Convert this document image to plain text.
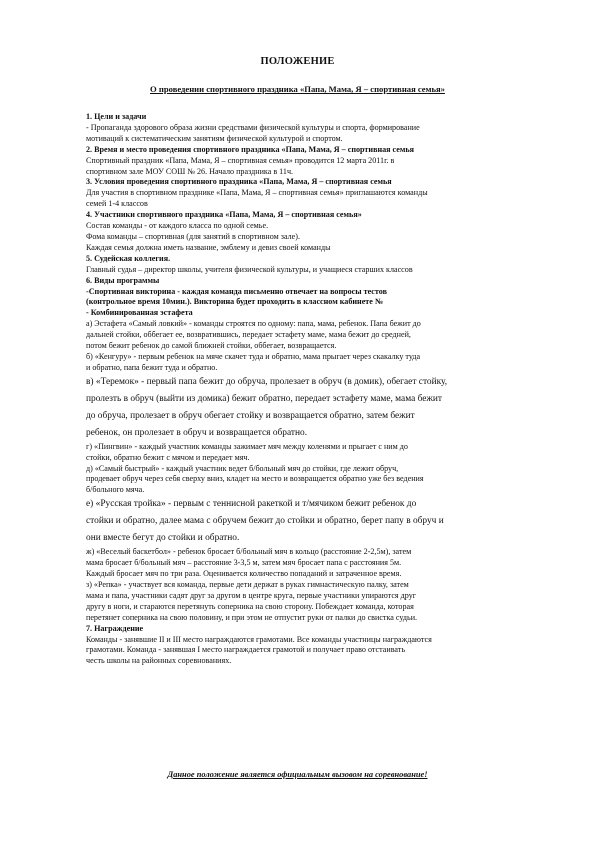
ПОЛОЖЕНИЕ
О проведении спортивного праздника «Папа, Мама, Я – спортивная семья»
1. Цели и задачи
- Пропаганда здорового образа жизни средствами физической культуры и спорта, формирование
мотиваций к систематическим занятиям физической культурой и спортом.
2. Время и место проведения спортивного праздника «Папа, Мама, Я – спортивная семья
Спортивный праздник «Папа, Мама, Я – спортивная семья» проводится 12 марта 2011г. в
спортивном зале МОУ СОШ № 26. Начало праздника в 11ч.
3. Условия проведения спортивного праздника «Папа, Мама, Я – спортивная семья
Для участия в спортивном празднике «Папа, Мама, Я – спортивная семья» приглашаются команды
семей 1-4 классов
4. Участники спортивного праздника «Папа, Мама, Я – спортивная семья»
Состав команды - от каждого класса по одной семье.
Фома команды – спортивная (для занятий в спортивном зале).
Каждая семья должна иметь название, эмблему и девиз своей команды
5. Судейская коллегия.
Главный судья – директор школы, учителя физической культуры, и учащиеся старших классов
6. Виды программы
-Спортивная викторина - каждая команда письменно отвечает на вопросы тестов
(контрольное время 10мин.). Викторина будет проходить в классном кабинете №
- Комбинированная эстафета
а) Эстафета «Самый ловкий» - команды строятся по одному: папа, мама, ребенок. Папа бежит до
дальней стойки, оббегает ее, возвратившись, передает эстафету маме, мама бежит до средней,
потом бежит ребенок до самой ближней стойки, оббегает, возвращается.
б) «Кенгуру» - первым ребенок на мяче скачет туда и обратно, мама прыгает через скакалку туда
и обратно, папа бежит туда и обратно.
в) «Теремок» - первый папа бежит до обруча, пролезает в обруч (в домик), обегает стойку,
пролезть в обруч (выйти из домика) бежит обратно, передает эстафету маме, мама бежит
до обруча, пролезает в обруч обегает стойку и возвращается обратно, затем бежит
ребенок, он пролезает в обруч и возвращается обратно.
г) «Пингвин» - каждый участник команды зажимает мяч между коленями и прыгает с ним до
стойки, обратно бежит с мячом и передает мяч.
д) «Самый быстрый» - каждый участник ведет б/больный мяч до стойки, где лежит обруч,
продевает обруч через себя сверху вниз, кладет на место и возвращается обратно уже без ведения
б/больного мяча.
е) «Русская тройка» - первым с теннисной ракеткой и т/мячиком бежит ребенок до
стойки и обратно, далее мама с обручем бежит до стойки и обратно, берет папу в обруч и
они вместе бегут до стойки и обратно.
ж) «Веселый баскетбол» - ребенок бросает б/больный мяч в кольцо (расстояние 2-2,5м), затем
мама бросает б/больный мяч – расстояние 3-3,5 м, затем мяч бросает папа с расстояния 5м.
Каждый бросает мяч по три раза. Оценивается количество попаданий и затраченное время.
з) «Репка» - участвует вся команда, первые дети держат в руках гимнастическую палку, затем
мама и папа, участники садят друг за другом в центре круга, первые участники упираются друг
другу в ноги, и стараются перетянуть соперника на свою сторону. Побеждает команда, которая
перетянет соперника на свою половину, и при этом не отпустит руки от палки до свистка судьи.
7. Награждение
Команды - занявшие II и III место награждаются грамотами. Все команды участницы награждаются
грамотами. Команда - занявшая I место награждается грамотой и получает право отстаивать
честь школы на районных соревнованиях.
Данное положение является официальным вызовом на соревнование!
